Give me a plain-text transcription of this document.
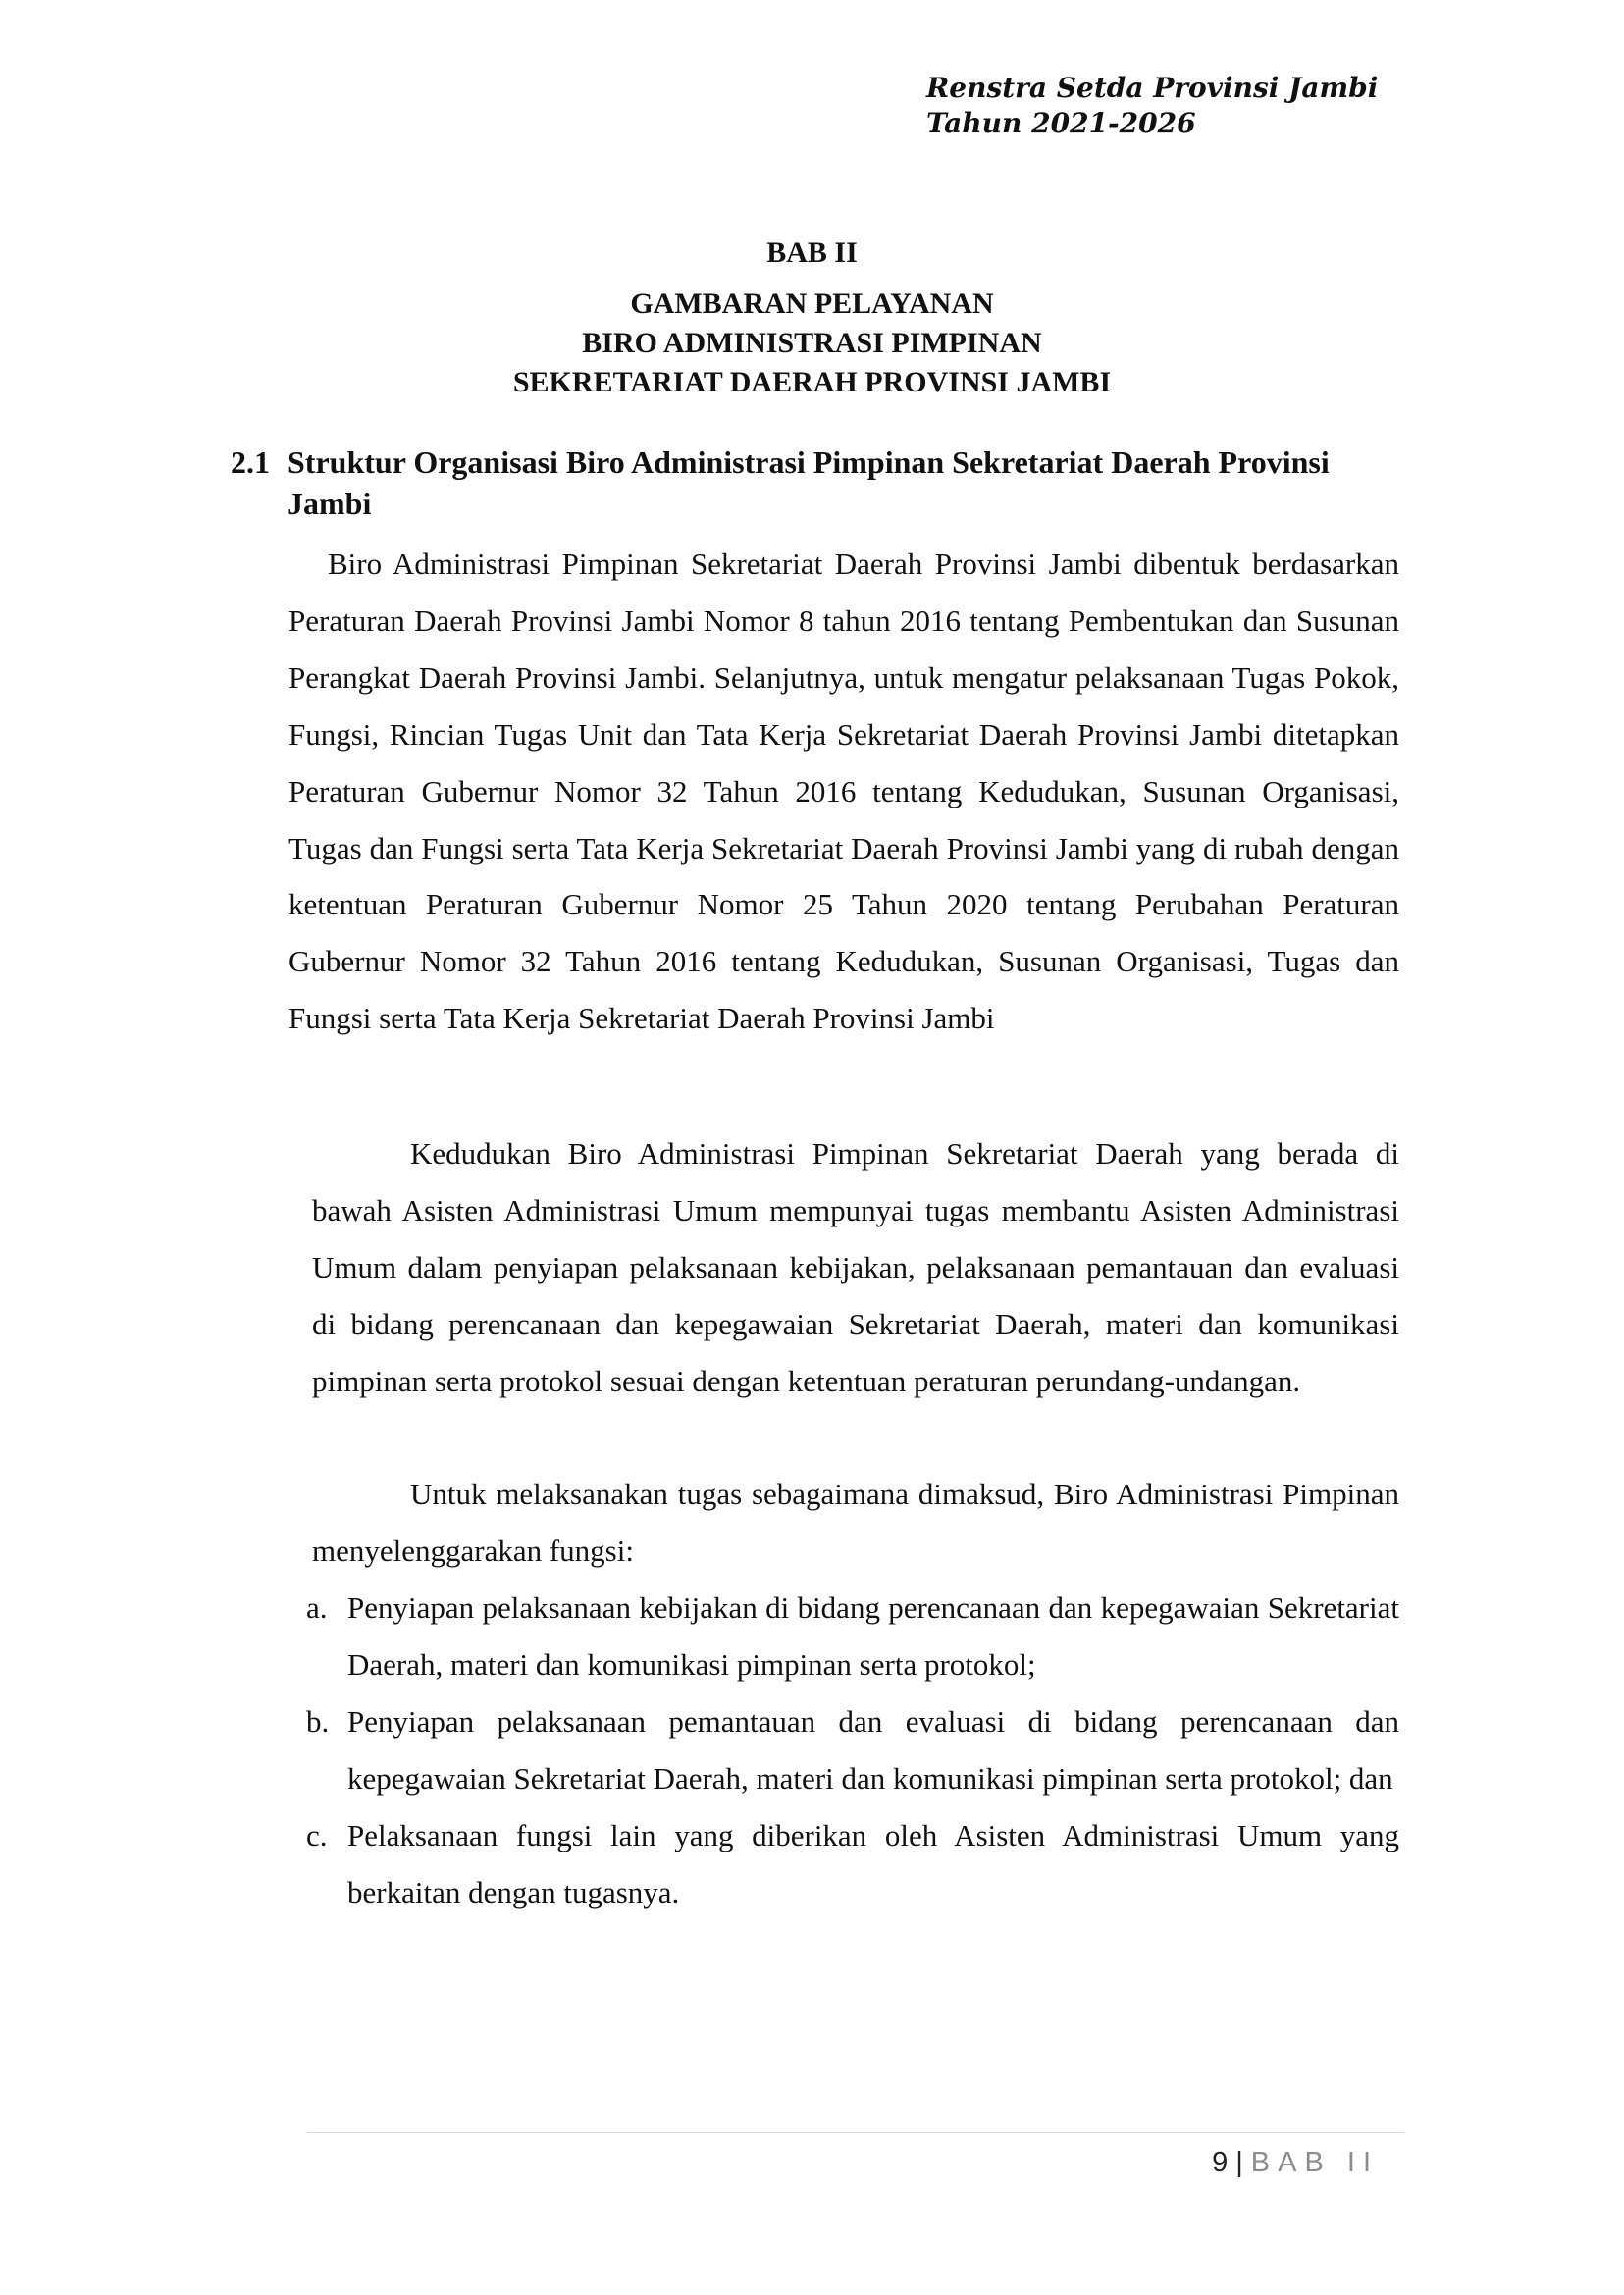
Renstra Setda Provinsi Jambi
Tahun 2021-2026
BAB II
GAMBARAN PELAYANAN
BIRO ADMINISTRASI PIMPINAN
SEKRETARIAT DAERAH PROVINSI JAMBI
2.1 Struktur Organisasi Biro Administrasi Pimpinan Sekretariat Daerah Provinsi Jambi
Biro Administrasi Pimpinan Sekretariat Daerah Provinsi Jambi dibentuk berdasarkan Peraturan Daerah Provinsi Jambi Nomor 8 tahun 2016 tentang Pembentukan dan Susunan Perangkat Daerah Provinsi Jambi. Selanjutnya, untuk mengatur pelaksanaan Tugas Pokok, Fungsi, Rincian Tugas Unit dan Tata Kerja Sekretariat Daerah Provinsi Jambi ditetapkan Peraturan Gubernur Nomor 32 Tahun 2016 tentang Kedudukan, Susunan Organisasi, Tugas dan Fungsi serta Tata Kerja Sekretariat Daerah Provinsi Jambi yang di rubah dengan ketentuan Peraturan Gubernur Nomor 25 Tahun 2020 tentang Perubahan Peraturan Gubernur Nomor 32 Tahun 2016 tentang Kedudukan, Susunan Organisasi, Tugas dan Fungsi serta Tata Kerja Sekretariat Daerah Provinsi Jambi
Kedudukan Biro Administrasi Pimpinan Sekretariat Daerah yang berada di bawah Asisten Administrasi Umum mempunyai tugas membantu Asisten Administrasi Umum dalam penyiapan pelaksanaan kebijakan, pelaksanaan pemantauan dan evaluasi di bidang perencanaan dan kepegawaian Sekretariat Daerah, materi dan komunikasi pimpinan serta protokol sesuai dengan ketentuan peraturan perundang-undangan.
Untuk melaksanakan tugas sebagaimana dimaksud, Biro Administrasi Pimpinan menyelenggarakan fungsi:
a. Penyiapan pelaksanaan kebijakan di bidang perencanaan dan kepegawaian Sekretariat Daerah, materi dan komunikasi pimpinan serta protokol;
b. Penyiapan pelaksanaan pemantauan dan evaluasi di bidang perencanaan dan kepegawaian Sekretariat Daerah, materi dan komunikasi pimpinan serta protokol; dan
c. Pelaksanaan fungsi lain yang diberikan oleh Asisten Administrasi Umum yang berkaitan dengan tugasnya.
9 | BAB II
